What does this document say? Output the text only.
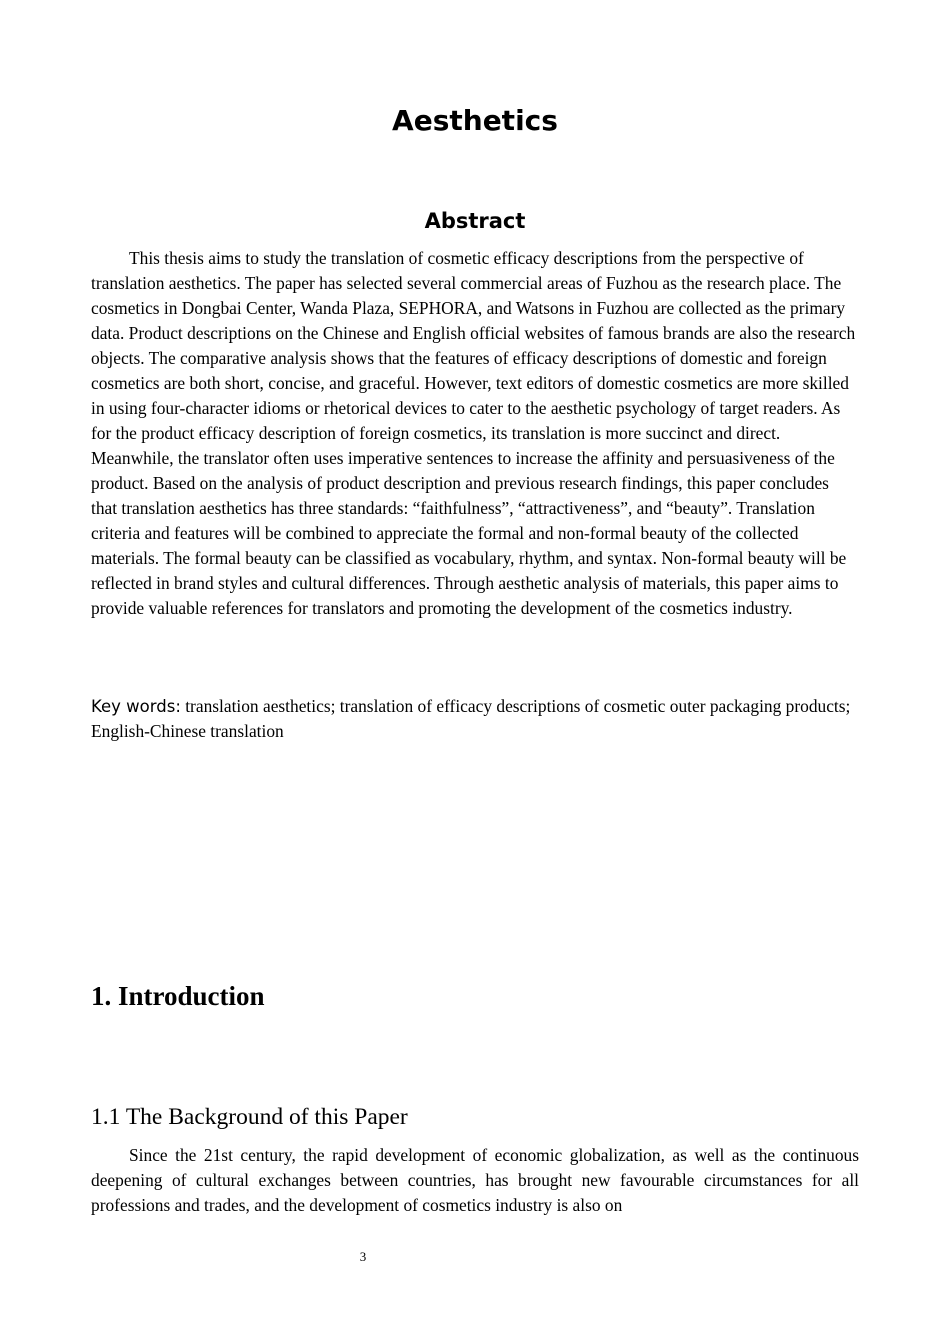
Aesthetics
Abstract

This thesis aims to study the translation of cosmetic efficacy descriptions from the perspective of translation aesthetics. The paper has selected several commercial areas of Fuzhou as the research place. The cosmetics in Dongbai Center, Wanda Plaza, SEPHORA, and Watsons in Fuzhou are collected as the primary data. Product descriptions on the Chinese and English official websites of famous brands are also the research objects. The comparative analysis shows that the features of efficacy descriptions of domestic and foreign cosmetics are both short, concise, and graceful. However, text editors of domestic cosmetics are more skilled in using four-character idioms or rhetorical devices to cater to the aesthetic psychology of target readers. As for the product efficacy description of foreign cosmetics, its translation is more succinct and direct. Meanwhile, the translator often uses imperative sentences to increase the affinity and persuasiveness of the product. Based on the analysis of product description and previous research findings, this paper concludes that translation aesthetics has three standards: “faithfulness”, “attractiveness”, and “beauty”. Translation criteria and features will be combined to appreciate the formal and non-formal beauty of the collected materials. The formal beauty can be classified as vocabulary, rhythm, and syntax. Non-formal beauty will be reflected in brand styles and cultural differences. Through aesthetic analysis of materials, this paper aims to provide valuable references for translators and promoting the development of the cosmetics industry.

Key words: translation aesthetics; translation of efficacy descriptions of cosmetic outer packaging products; English-Chinese translation

1. Introduction
1.1 The Background of this Paper

Since the 21st century, the rapid development of economic globalization, as well as the continuous deepening of cultural exchanges between countries, has brought new favourable circumstances for all professions and trades, and the development of cosmetics industry is also on

3
